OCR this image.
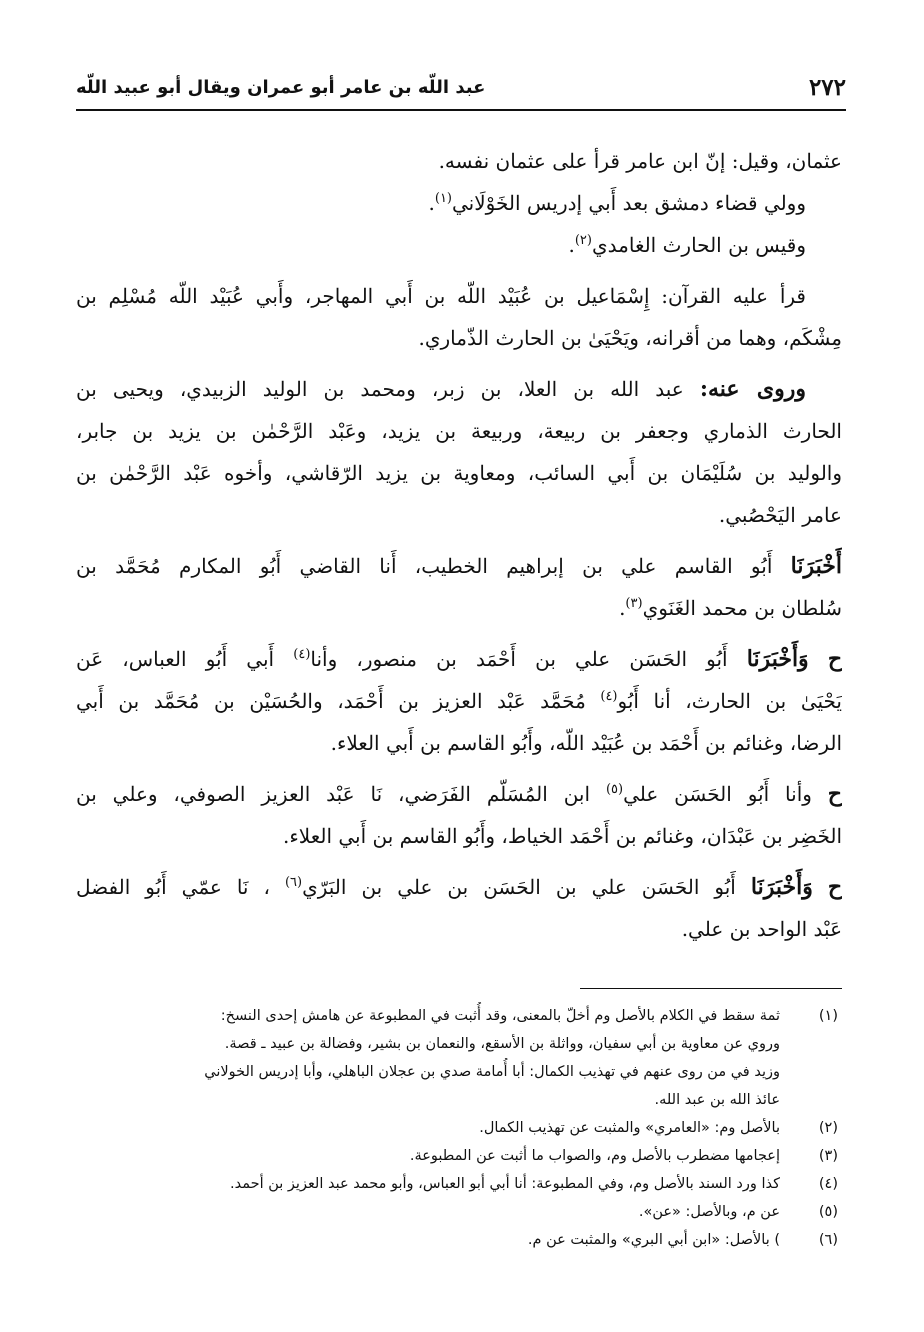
٢٧٢
عبد اللّه بن عامر أبو عمران ويقال أبو عبيد اللّه
عثمان، وقيل: إنّ ابن عامر قرأ على عثمان نفسه.
وولي قضاء دمشق بعد أَبي إدريس الخَوْلَاني$^{(١)}$.
وقيس بن الحارث الغامدي$^{(٢)}$.
قرأ عليه القرآن: إِسْمَاعيل بن عُبَيْد اللّه بن أَبي المهاجر، وأَبي عُبَيْد اللّه مُسْلِم بن
مِشْكَم، وهما من أقرانه، ويَحْيَىٰ بن الحارث الذّماري.
وروى عنه: عبد الله بن العلا، بن زبر، ومحمد بن الوليد الزبيدي، ويحيى بن
الحارث الذماري وجعفر بن ربيعة، وربيعة بن يزيد، وعَبْد الرَّحْمٰن بن يزيد بن جابر،
والوليد بن سُلَيْمَان بن أَبي السائب، ومعاوية بن يزيد الرّقاشي، وأخوه عَبْد الرَّحْمٰن بن
عامر اليَحْصُبي.
أَخْبَرَنَا أَبُو القاسم علي بن إبراهيم الخطيب، أَنا القاضي أَبُو المكارم مُحَمَّد بن
سُلطان بن محمد الغَنَوي$^{(٣)}$.
ح وَأَخْبَرَنَا أَبُو الحَسَن علي بن أَحْمَد بن منصور، وأنا$^{(٤)}$ أَبي أَبُو العباس، عَن
يَحْيَىٰ بن الحارث، أنا أَبُو$^{(٤)}$ مُحَمَّد عَبْد العزيز بن أَحْمَد، والحُسَيْن بن مُحَمَّد بن أَبي
الرضا، وغنائم بن أَحْمَد بن عُبَيْد اللّه، وأَبُو القاسم بن أَبي العلاء.
ح وأنا أَبُو الحَسَن علي$^{(٥)}$ ابن المُسَلّم الفَرَضي، نَا عَبْد العزيز الصوفي، وعلي بن
الخَضِر بن عَبْدَان، وغنائم بن أَحْمَد الخياط، وأَبُو القاسم بن أَبي العلاء.
ح وَأَخْبَرَنَا أَبُو الحَسَن علي بن الحَسَن بن علي بن البَرّي$^{(٦)}$ ، نَا عمّي أَبُو الفضل
عَبْد الواحد بن علي.
(١)
ثمة سقط في الكلام بالأصل وم أخلّ بالمعنى، وقد أُثبت في المطبوعة عن هامش إحدى النسخ:
وروي عن معاوية بن أبي سفيان، وواثلة بن الأسقع، والنعمان بن بشير، وفضالة بن عبيد ـ قصة.
وزيد في من روى عنهم في تهذيب الكمال: أبا أُمامة صدي بن عجلان الباهلي، وأبا إدريس الخولاني
عائذ الله بن عبد الله.
(٢)
بالأصل وم: «العامري» والمثبت عن تهذيب الكمال.
(٣)
إعجامها مضطرب بالأصل وم، والصواب ما أثبت عن المطبوعة.
(٤)
كذا ورد السند بالأصل وم، وفي المطبوعة: أنا أبي أبو العباس، وأبو محمد عبد العزيز بن أحمد.
(٥)
عن م، وبالأصل: «عن».
(٦)
) بالأصل: «ابن أبي البري» والمثبت عن م.
